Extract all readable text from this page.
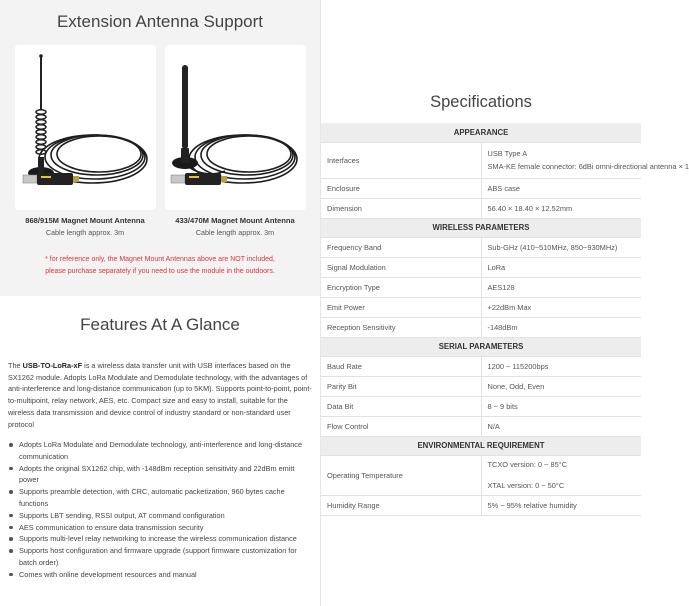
Extension Antenna Support
868/915M Magnet Mount Antenna
Cable length approx. 3m
433/470M Magnet Mount Antenna
Cable length approx. 3m
* for reference only, the Magnet Mount Antennas above are NOT included,
please purchase separately if you need to use the module in the outdoors.
Features At A Glance

The USB-TO-LoRa-xF is a wireless data transfer unit with USB interfaces based on the SX1262 module. Adopts LoRa Modulate and Demodulate technology, with the advantages of anti-interference and long-distance communication (up to 5KM). Supports point-to-point, point-to-multipoint, relay network, AES, etc. Compact size and easy to install, suitable for the wireless data transmission and device control of industry standard or non-standard user protocol

Adopts LoRa Modulate and Demodulate technology, anti-interference and long-distance communication
Adopts the original SX1262 chip, with -148dBm reception sensitivity and 22dBm emitt power
Supports preamble detection, with CRC, automatic packetization, 960 bytes cache functions
Supports LBT sending, RSSI output, AT command configuration
AES communication to ensure data transmission security
Supports multi-level relay networking to increase the wireless communication distance
Supports host configuration and firmware upgrade (support firmware customization for batch order)
Comes with online development resources and manual
Specifications
APPEARANCE	
Interfaces	USB Type A
SMA-KE female connector: 6dBi omni-directional antenna × 1

Enclosure	ABS case
Dimension	56.40 × 18.40 × 12.52mm
WIRELESS PARAMETERS	
Frequency Band	Sub-GHz (410~510MHz, 850~930MHz)
Signal Modulation	LoRa
Encryption Type	AES128
Emit Power	+22dBm Max
Reception Sensitivity	-148dBm
SERIAL PARAMETERS	
Baud Rate	1200 ~ 115200bps
Parity Bit	None, Odd, Even
Data Bit	8 ~ 9 bits
Flow Control	N/A
ENVIRONMENTAL REQUIREMENT	
Operating Temperature	TCXO version: 0 ~ 85°C
XTAL version: 0 ~ 50°C

Humidity Range	5% ~ 95% relative humidity
